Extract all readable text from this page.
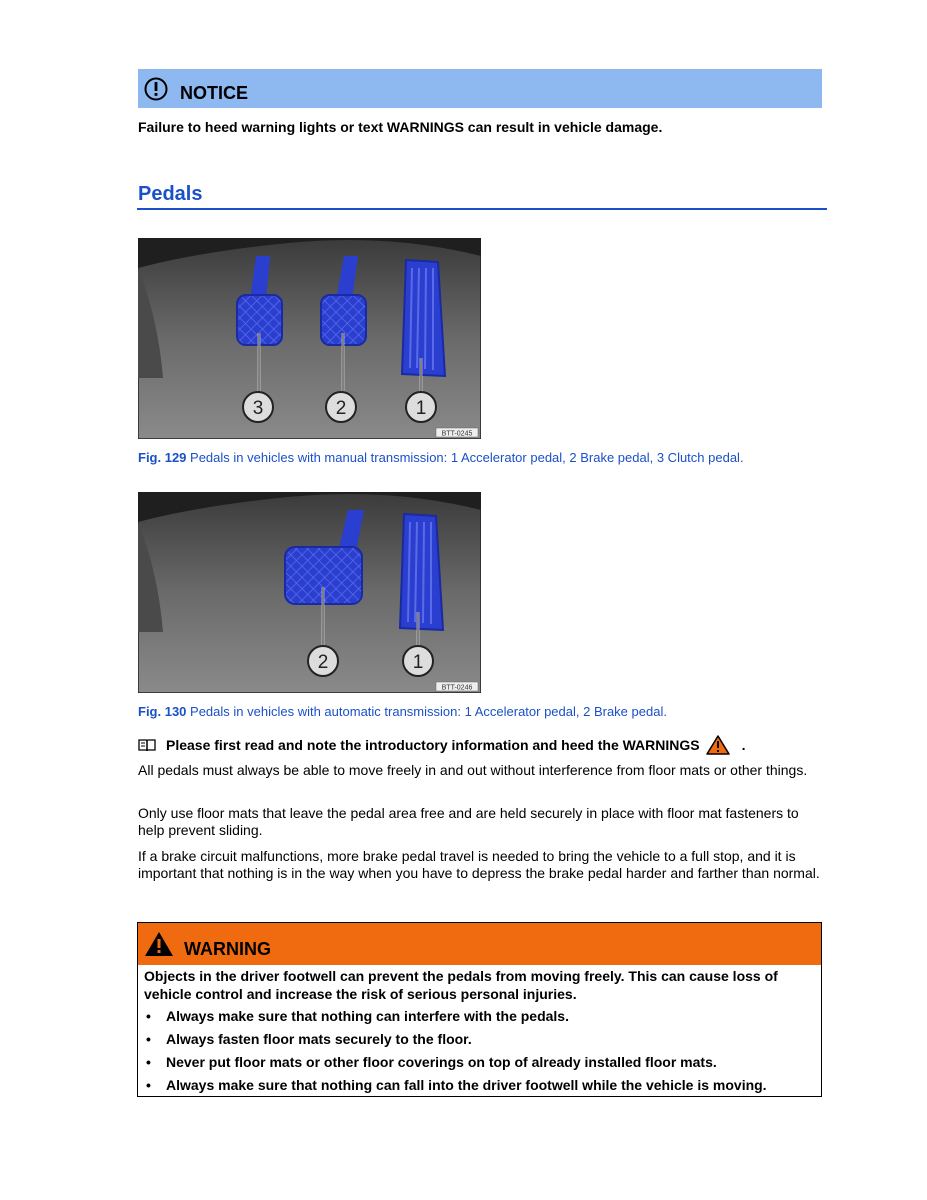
NOTICE
Failure to heed warning lights or text WARNINGS can result in vehicle damage.
Pedals
3	2	1
BTT-0245
Fig. 129 Pedals in vehicles with manual transmission: 1 Accelerator pedal, 2 Brake pedal, 3 Clutch pedal.
2	1
BTT-0246
Fig. 130 Pedals in vehicles with automatic transmission: 1 Accelerator pedal, 2 Brake pedal.
Please first read and note the introductory information and heed the WARNINGS	.
All pedals must always be able to move freely in and out without interference from floor mats or other things.
Only use floor mats that leave the pedal area free and are held securely in place with floor mat fasteners to help prevent sliding.
If a brake circuit malfunctions, more brake pedal travel is needed to bring the vehicle to a full stop, and it is important that nothing is in the way when you have to depress the brake pedal harder and farther than normal.
WARNING
Objects in the driver footwell can prevent the pedals from moving freely. This can cause loss of vehicle control and increase the risk of serious personal injuries.
• Always make sure that nothing can interfere with the pedals.
• Always fasten floor mats securely to the floor.
• Never put floor mats or other floor coverings on top of already installed floor mats.
• Always make sure that nothing can fall into the driver footwell while the vehicle is moving.
